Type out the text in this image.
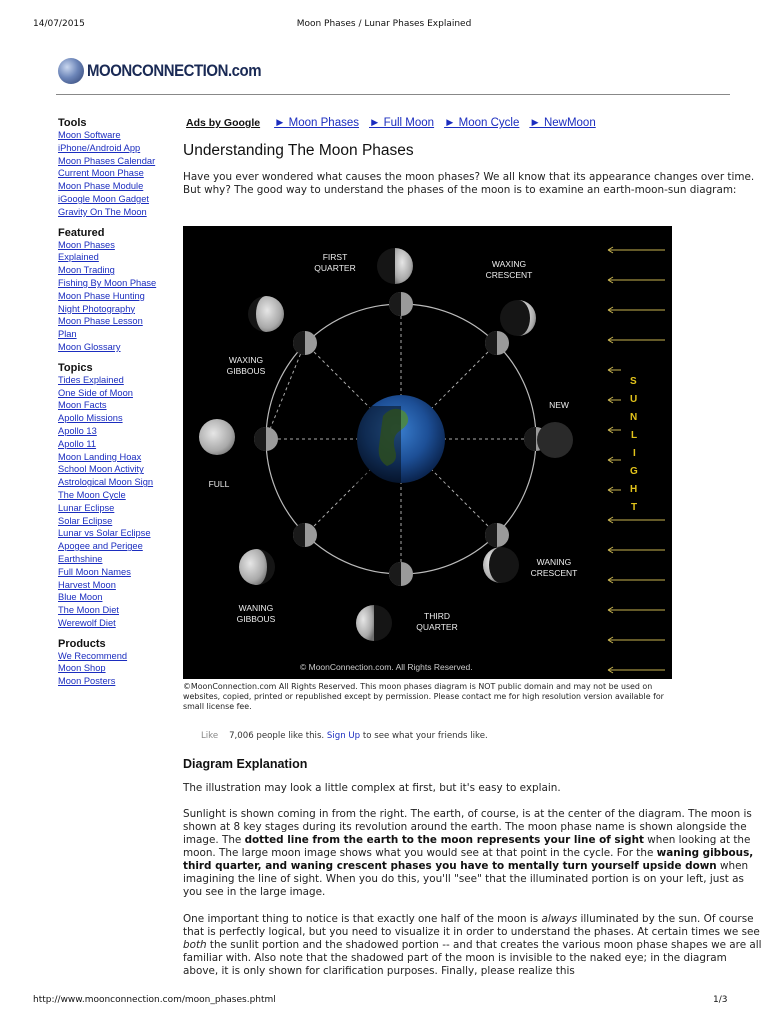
14/07/2015	Moon Phases / Lunar Phases Explained
MOONCONNECTION.com
Tools
Moon Software
iPhone/Android App
Moon Phases Calendar
Current Moon Phase
Moon Phase Module
iGoogle Moon Gadget
Gravity On The Moon
Featured
Moon Phases Explained
Moon Trading
Fishing By Moon Phase
Moon Phase Hunting
Night Photography
Moon Phase Lesson Plan
Moon Glossary
Topics
Tides Explained
One Side of Moon
Moon Facts
Apollo Missions
Apollo 13
Apollo 11
Moon Landing Hoax
School Moon Activity
Astrological Moon Sign
The Moon Cycle
Lunar Eclipse
Solar Eclipse
Lunar vs Solar Eclipse
Apogee and Perigee
Earthshine
Full Moon Names
Harvest Moon
Blue Moon
The Moon Diet
Werewolf Diet
Products
We Recommend
Moon Shop
Moon Posters
Ads by Google ► Moon Phases ► Full Moon ► Moon Cycle ► NewMoon
Understanding The Moon Phases

Have you ever wondered what causes the moon phases? We all know that its appearance changes over time. But why? The good way to understand the phases of the moon is to examine an earth-moon-sun diagram:

FIRST
QUARTER	WAXING
CRESCENT
WAXING
GIBBOUS
NEW
FULL
WANING
GIBBOUS	THIRD
QUARTER
WANING
CRESCENT
S
U
N
L
I
G
H
T
© MoonConnection.com. All Rights Reserved.
©MoonConnection.com All Rights Reserved. This moon phases diagram is NOT public domain and may not be used on websites, copied, printed or republished except by permission. Please contact me for high resolution version available for small license fee.
Like 7,006 people like this. Sign Up to see what your friends like.
Diagram Explanation

The illustration may look a little complex at first, but it's easy to explain.

Sunlight is shown coming in from the right. The earth, of course, is at the center of the diagram. The moon is shown at 8 key stages during its revolution around the earth. The moon phase name is shown alongside the image. The dotted line from the earth to the moon represents your line of sight when looking at the moon. The large moon image shows what you would see at that point in the cycle. For the waning gibbous, third quarter, and waning crescent phases you have to mentally turn yourself upside down when imagining the line of sight. When you do this, you'll "see" that the illuminated portion is on your left, just as you see in the large image.

One important thing to notice is that exactly one half of the moon is always illuminated by the sun. Of course that is perfectly logical, but you need to visualize it in order to understand the phases. At certain times we see both the sunlit portion and the shadowed portion -- and that creates the various moon phase shapes we are all familiar with. Also note that the shadowed part of the moon is invisible to the naked eye; in the diagram above, it is only shown for clarification purposes. Finally, please realize this

http://www.moonconnection.com/moon_phases.phtml	1/3
